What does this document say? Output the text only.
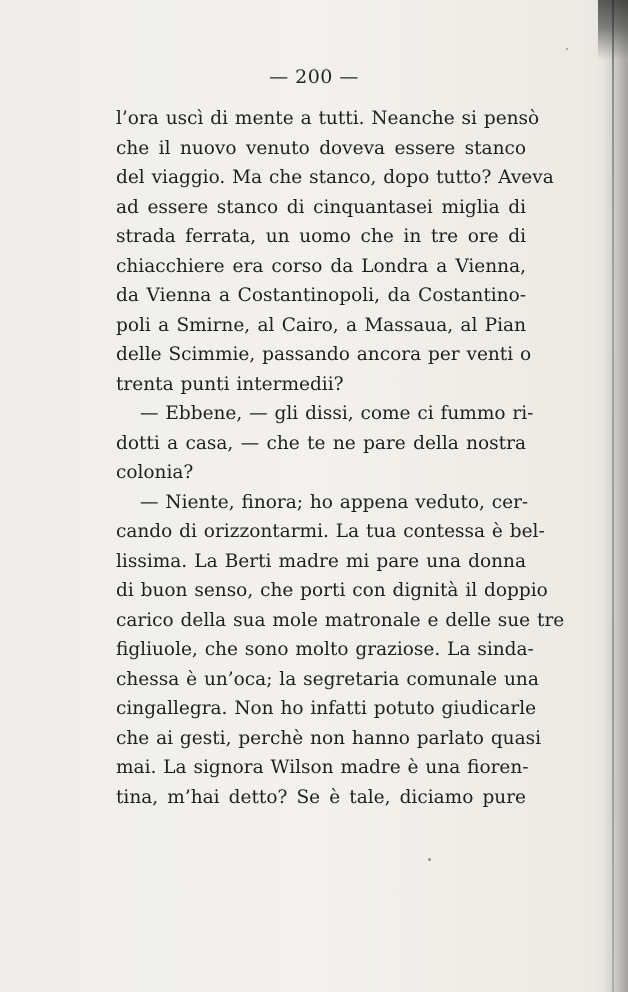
— 200 —
l’ora uscì di mente a tutti. Neanche si pensò
che il nuovo venuto doveva essere stanco
del viaggio. Ma che stanco, dopo tutto? Aveva
ad essere stanco di cinquantasei miglia di
strada ferrata, un uomo che in tre ore di
chiacchiere era corso da Londra a Vienna,
da Vienna a Costantinopoli, da Costantino-
poli a Smirne, al Cairo, a Massaua, al Pian
delle Scimmie, passando ancora per venti o
trenta punti intermedii?
— Ebbene, — gli dissi, come ci fummo ri-
dotti a casa, — che te ne pare della nostra
colonia?
— Niente, finora; ho appena veduto, cer-
cando di orizzontarmi. La tua contessa è bel-
lissima. La Berti madre mi pare una donna
di buon senso, che porti con dignità il doppio
carico della sua mole matronale e delle sue tre
figliuole, che sono molto graziose. La sinda-
chessa è un’oca; la segretaria comunale una
cingallegra. Non ho infatti potuto giudicarle
che ai gesti, perchè non hanno parlato quasi
mai. La signora Wilson madre è una fioren-
tina, m’hai detto? Se è tale, diciamo pure
